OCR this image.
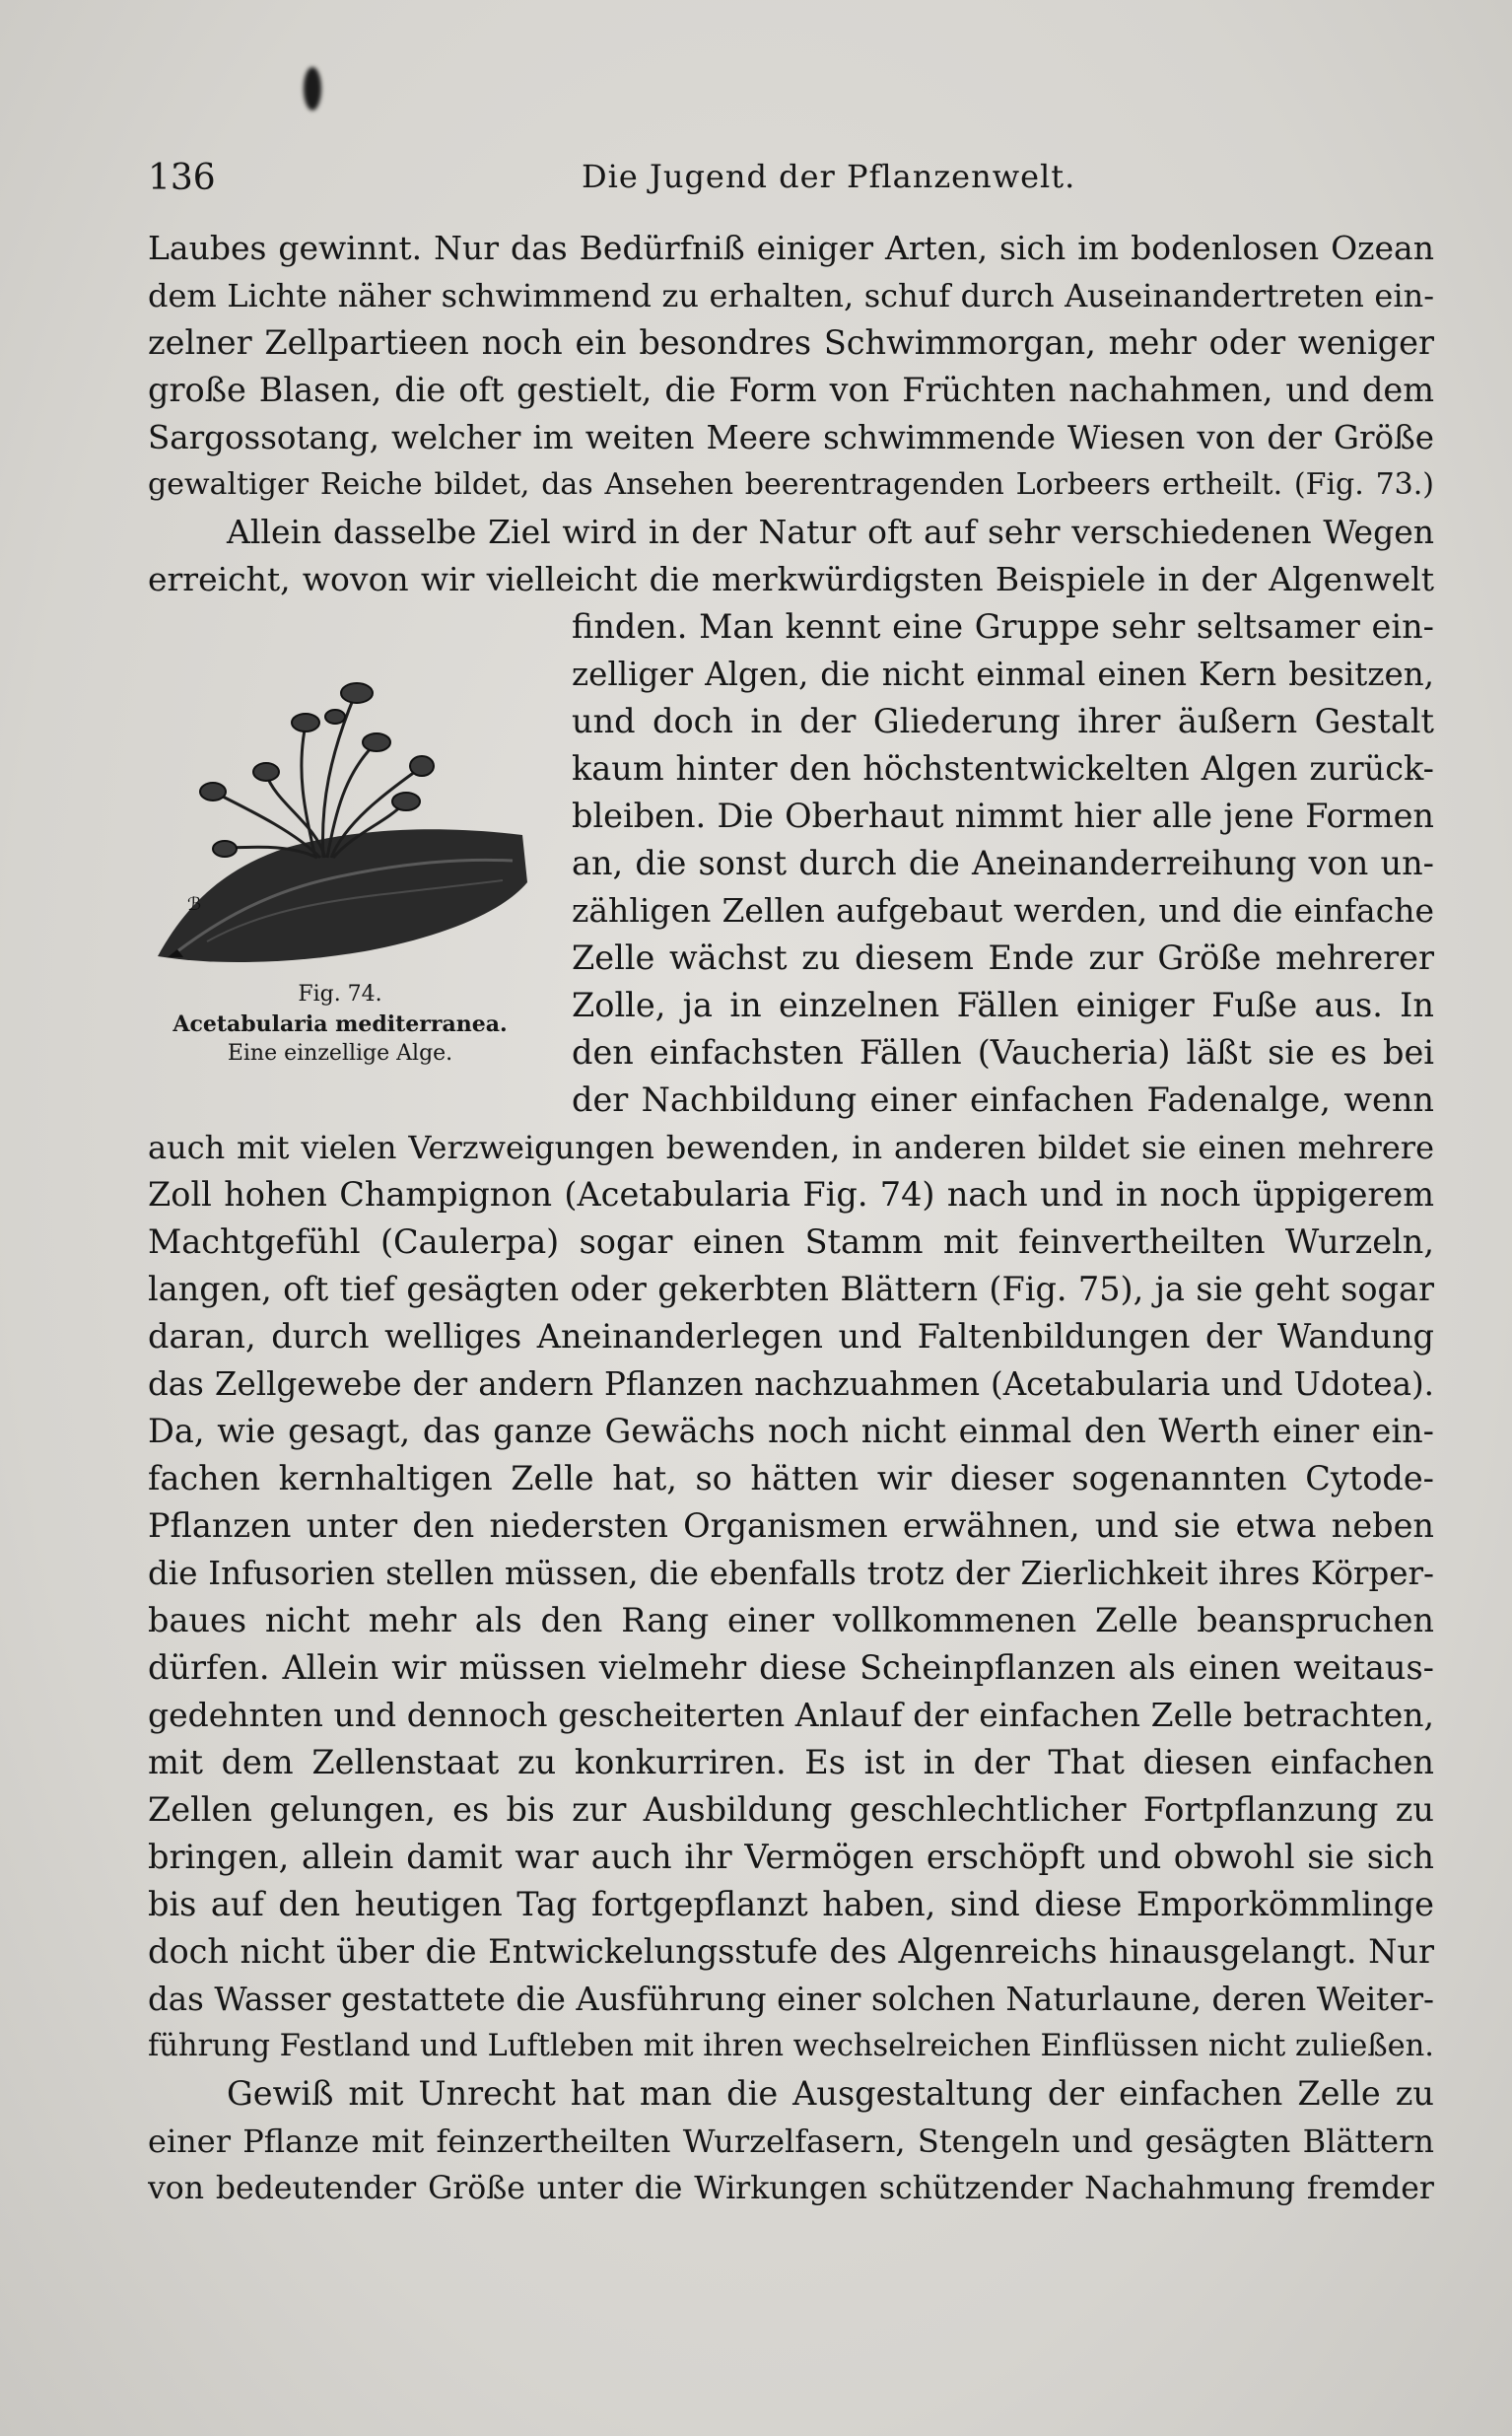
136	Die Jugend der Pflanzenwelt.
ℬ
Fig. 74.
Acetabularia mediterranea.
Eine einzellige Alge.
Laubes gewinnt. Nur das Bedürfniß einiger Arten, sich im bodenlosen Ozean
dem Lichte näher schwimmend zu erhalten, schuf durch Auseinandertreten ein-
zelner Zellpartieen noch ein besondres Schwimmorgan, mehr oder weniger
große Blasen, die oft gestielt, die Form von Früchten nachahmen, und dem
Sargossotang, welcher im weiten Meere schwimmende Wiesen von der Größe
gewaltiger Reiche bildet, das Ansehen beerentragenden Lorbeers ertheilt. (Fig. 73.)
Allein dasselbe Ziel wird in der Natur oft auf sehr verschiedenen Wegen
erreicht, wovon wir vielleicht die merkwürdigsten Beispiele in der Algenwelt
finden. Man kennt eine Gruppe sehr seltsamer ein-
zelliger Algen, die nicht einmal einen Kern besitzen,
und doch in der Gliederung ihrer äußern Gestalt
kaum hinter den höchstentwickelten Algen zurück-
bleiben. Die Oberhaut nimmt hier alle jene Formen
an, die sonst durch die Aneinanderreihung von un-
zähligen Zellen aufgebaut werden, und die einfache
Zelle wächst zu diesem Ende zur Größe mehrerer
Zolle, ja in einzelnen Fällen einiger Fuße aus. In
den einfachsten Fällen (Vaucheria) läßt sie es bei
der Nachbildung einer einfachen Fadenalge, wenn
auch mit vielen Verzweigungen bewenden, in anderen bildet sie einen mehrere
Zoll hohen Champignon (Acetabularia Fig. 74) nach und in noch üppigerem
Machtgefühl (Caulerpa) sogar einen Stamm mit feinvertheilten Wurzeln,
langen, oft tief gesägten oder gekerbten Blättern (Fig. 75), ja sie geht sogar
daran, durch welliges Aneinanderlegen und Faltenbildungen der Wandung
das Zellgewebe der andern Pflanzen nachzuahmen (Acetabularia und Udotea).
Da, wie gesagt, das ganze Gewächs noch nicht einmal den Werth einer ein-
fachen kernhaltigen Zelle hat, so hätten wir dieser sogenannten Cytode-
Pflanzen unter den niedersten Organismen erwähnen, und sie etwa neben
die Infusorien stellen müssen, die ebenfalls trotz der Zierlichkeit ihres Körper-
baues nicht mehr als den Rang einer vollkommenen Zelle beanspruchen
dürfen. Allein wir müssen vielmehr diese Scheinpflanzen als einen weitaus-
gedehnten und dennoch gescheiterten Anlauf der einfachen Zelle betrachten,
mit dem Zellenstaat zu konkurriren. Es ist in der That diesen einfachen
Zellen gelungen, es bis zur Ausbildung geschlechtlicher Fortpflanzung zu
bringen, allein damit war auch ihr Vermögen erschöpft und obwohl sie sich
bis auf den heutigen Tag fortgepflanzt haben, sind diese Emporkömmlinge
doch nicht über die Entwickelungsstufe des Algenreichs hinausgelangt. Nur
das Wasser gestattete die Ausführung einer solchen Naturlaune, deren Weiter-
führung Festland und Luftleben mit ihren wechselreichen Einflüssen nicht zuließen.
Gewiß mit Unrecht hat man die Ausgestaltung der einfachen Zelle zu
einer Pflanze mit feinzertheilten Wurzelfasern, Stengeln und gesägten Blättern
von bedeutender Größe unter die Wirkungen schützender Nachahmung fremder
